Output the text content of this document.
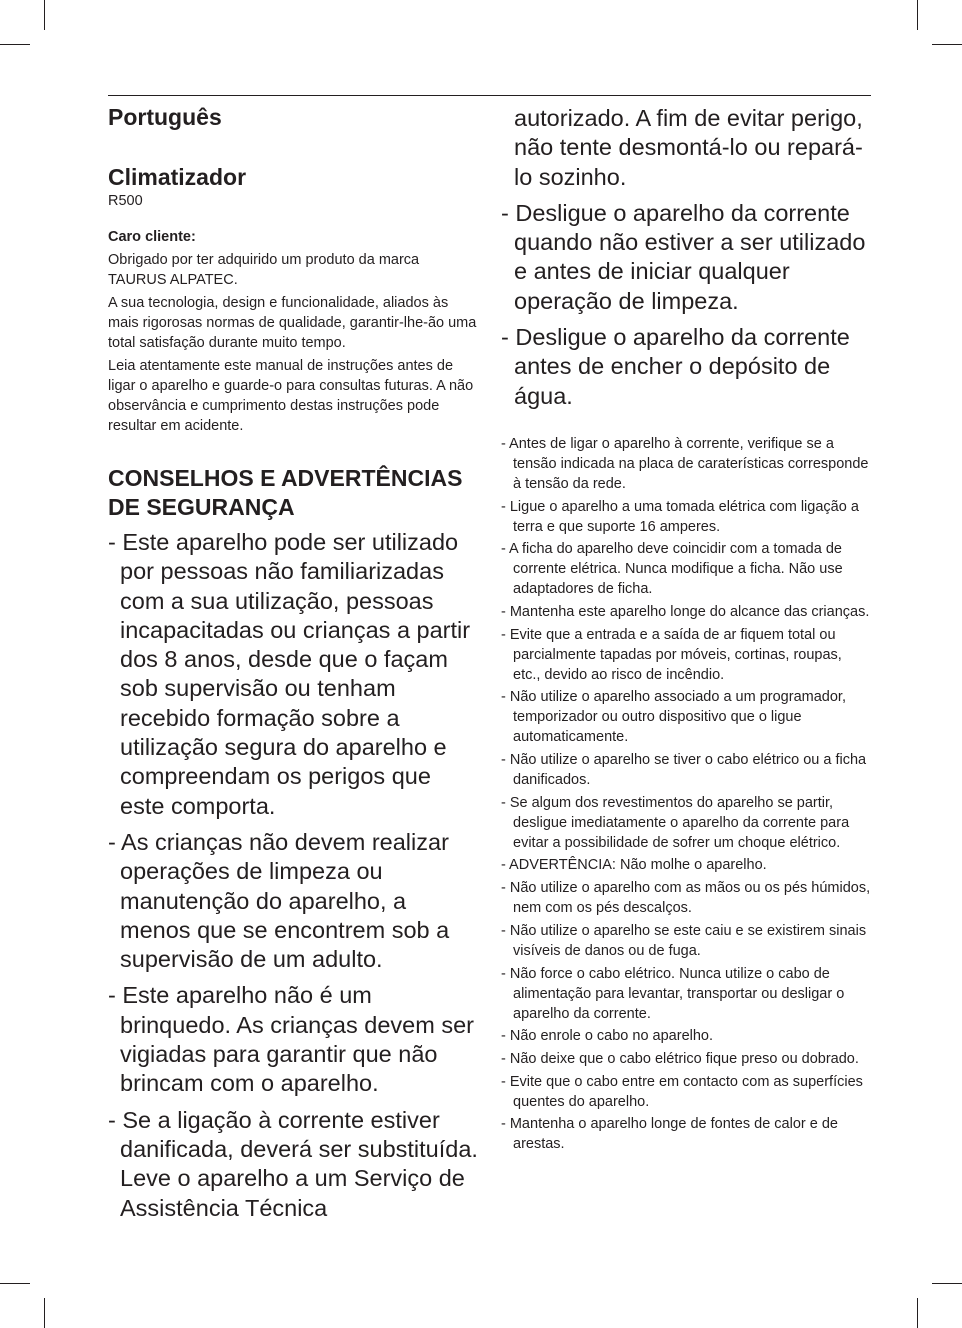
Português
Climatizador

R500

Caro cliente:

Obrigado por ter adquirido um produto da marca TAURUS ALPATEC.

A sua tecnologia, design e funcionalidade, aliados às mais rigorosas normas de qualidade, garantir-lhe-ão uma total satisfação durante muito tempo.

Leia atentamente este manual de instruções antes de ligar o aparelho e guarde-o para consultas futuras. A não observância e cumprimento destas instruções pode resultar em acidente.

CONSELHOS E ADVERTÊNCIAS DE SEGURANÇA
- Este aparelho pode ser utilizado por pessoas não familiarizadas com a sua utilização, pessoas incapacitadas ou crianças a partir dos 8 anos, desde que o façam sob supervisão ou tenham recebido formação sobre a utilização segura do aparelho e compreendam os perigos que este comporta.
- As crianças não devem realizar operações de limpeza ou manutenção do aparelho, a menos que se encontrem sob a supervisão de um adulto.
- Este aparelho não é um brinquedo. As crianças devem ser vigiadas para garantir que não brincam com o aparelho.
- Se a ligação à corrente estiver danificada, deverá ser substituída. Leve o aparelho a um Serviço de Assistência Técnica

autorizado. A fim de evitar perigo, não tente desmontá-lo ou repará-lo sozinho.

- Desligue o aparelho da corrente quando não estiver a ser utilizado e antes de iniciar qualquer operação de limpeza.
- Desligue o aparelho da corrente antes de encher o depósito de água.
- Antes de ligar o aparelho à corrente, verifique se a tensão indicada na placa de caraterísticas corresponde à tensão da rede.
- Ligue o aparelho a uma tomada elétrica com ligação a terra e que suporte 16 amperes.
- A ficha do aparelho deve coincidir com a tomada de corrente elétrica. Nunca modifique a ficha. Não use adaptadores de ficha.
- Mantenha este aparelho longe do alcance das crianças.
- Evite que a entrada e a saída de ar fiquem total ou parcialmente tapadas por móveis, cortinas, roupas, etc., devido ao risco de incêndio.
- Não utilize o aparelho associado a um programador, temporizador ou outro dispositivo que o ligue automaticamente.
- Não utilize o aparelho se tiver o cabo elétrico ou a ficha danificados.
- Se algum dos revestimentos do aparelho se partir, desligue imediatamente o aparelho da corrente para evitar a possibilidade de sofrer um choque elétrico.
- ADVERTÊNCIA: Não molhe o aparelho.
- Não utilize o aparelho com as mãos ou os pés húmidos, nem com os pés descalços.
- Não utilize o aparelho se este caiu e se existirem sinais visíveis de danos ou de fuga.
- Não force o cabo elétrico. Nunca utilize o cabo de alimentação para levantar, transportar ou desligar o aparelho da corrente.
- Não enrole o cabo no aparelho.
- Não deixe que o cabo elétrico fique preso ou dobrado.
- Evite que o cabo entre em contacto com as superfícies quentes do aparelho.
- Mantenha o aparelho longe de fontes de calor e de arestas.
